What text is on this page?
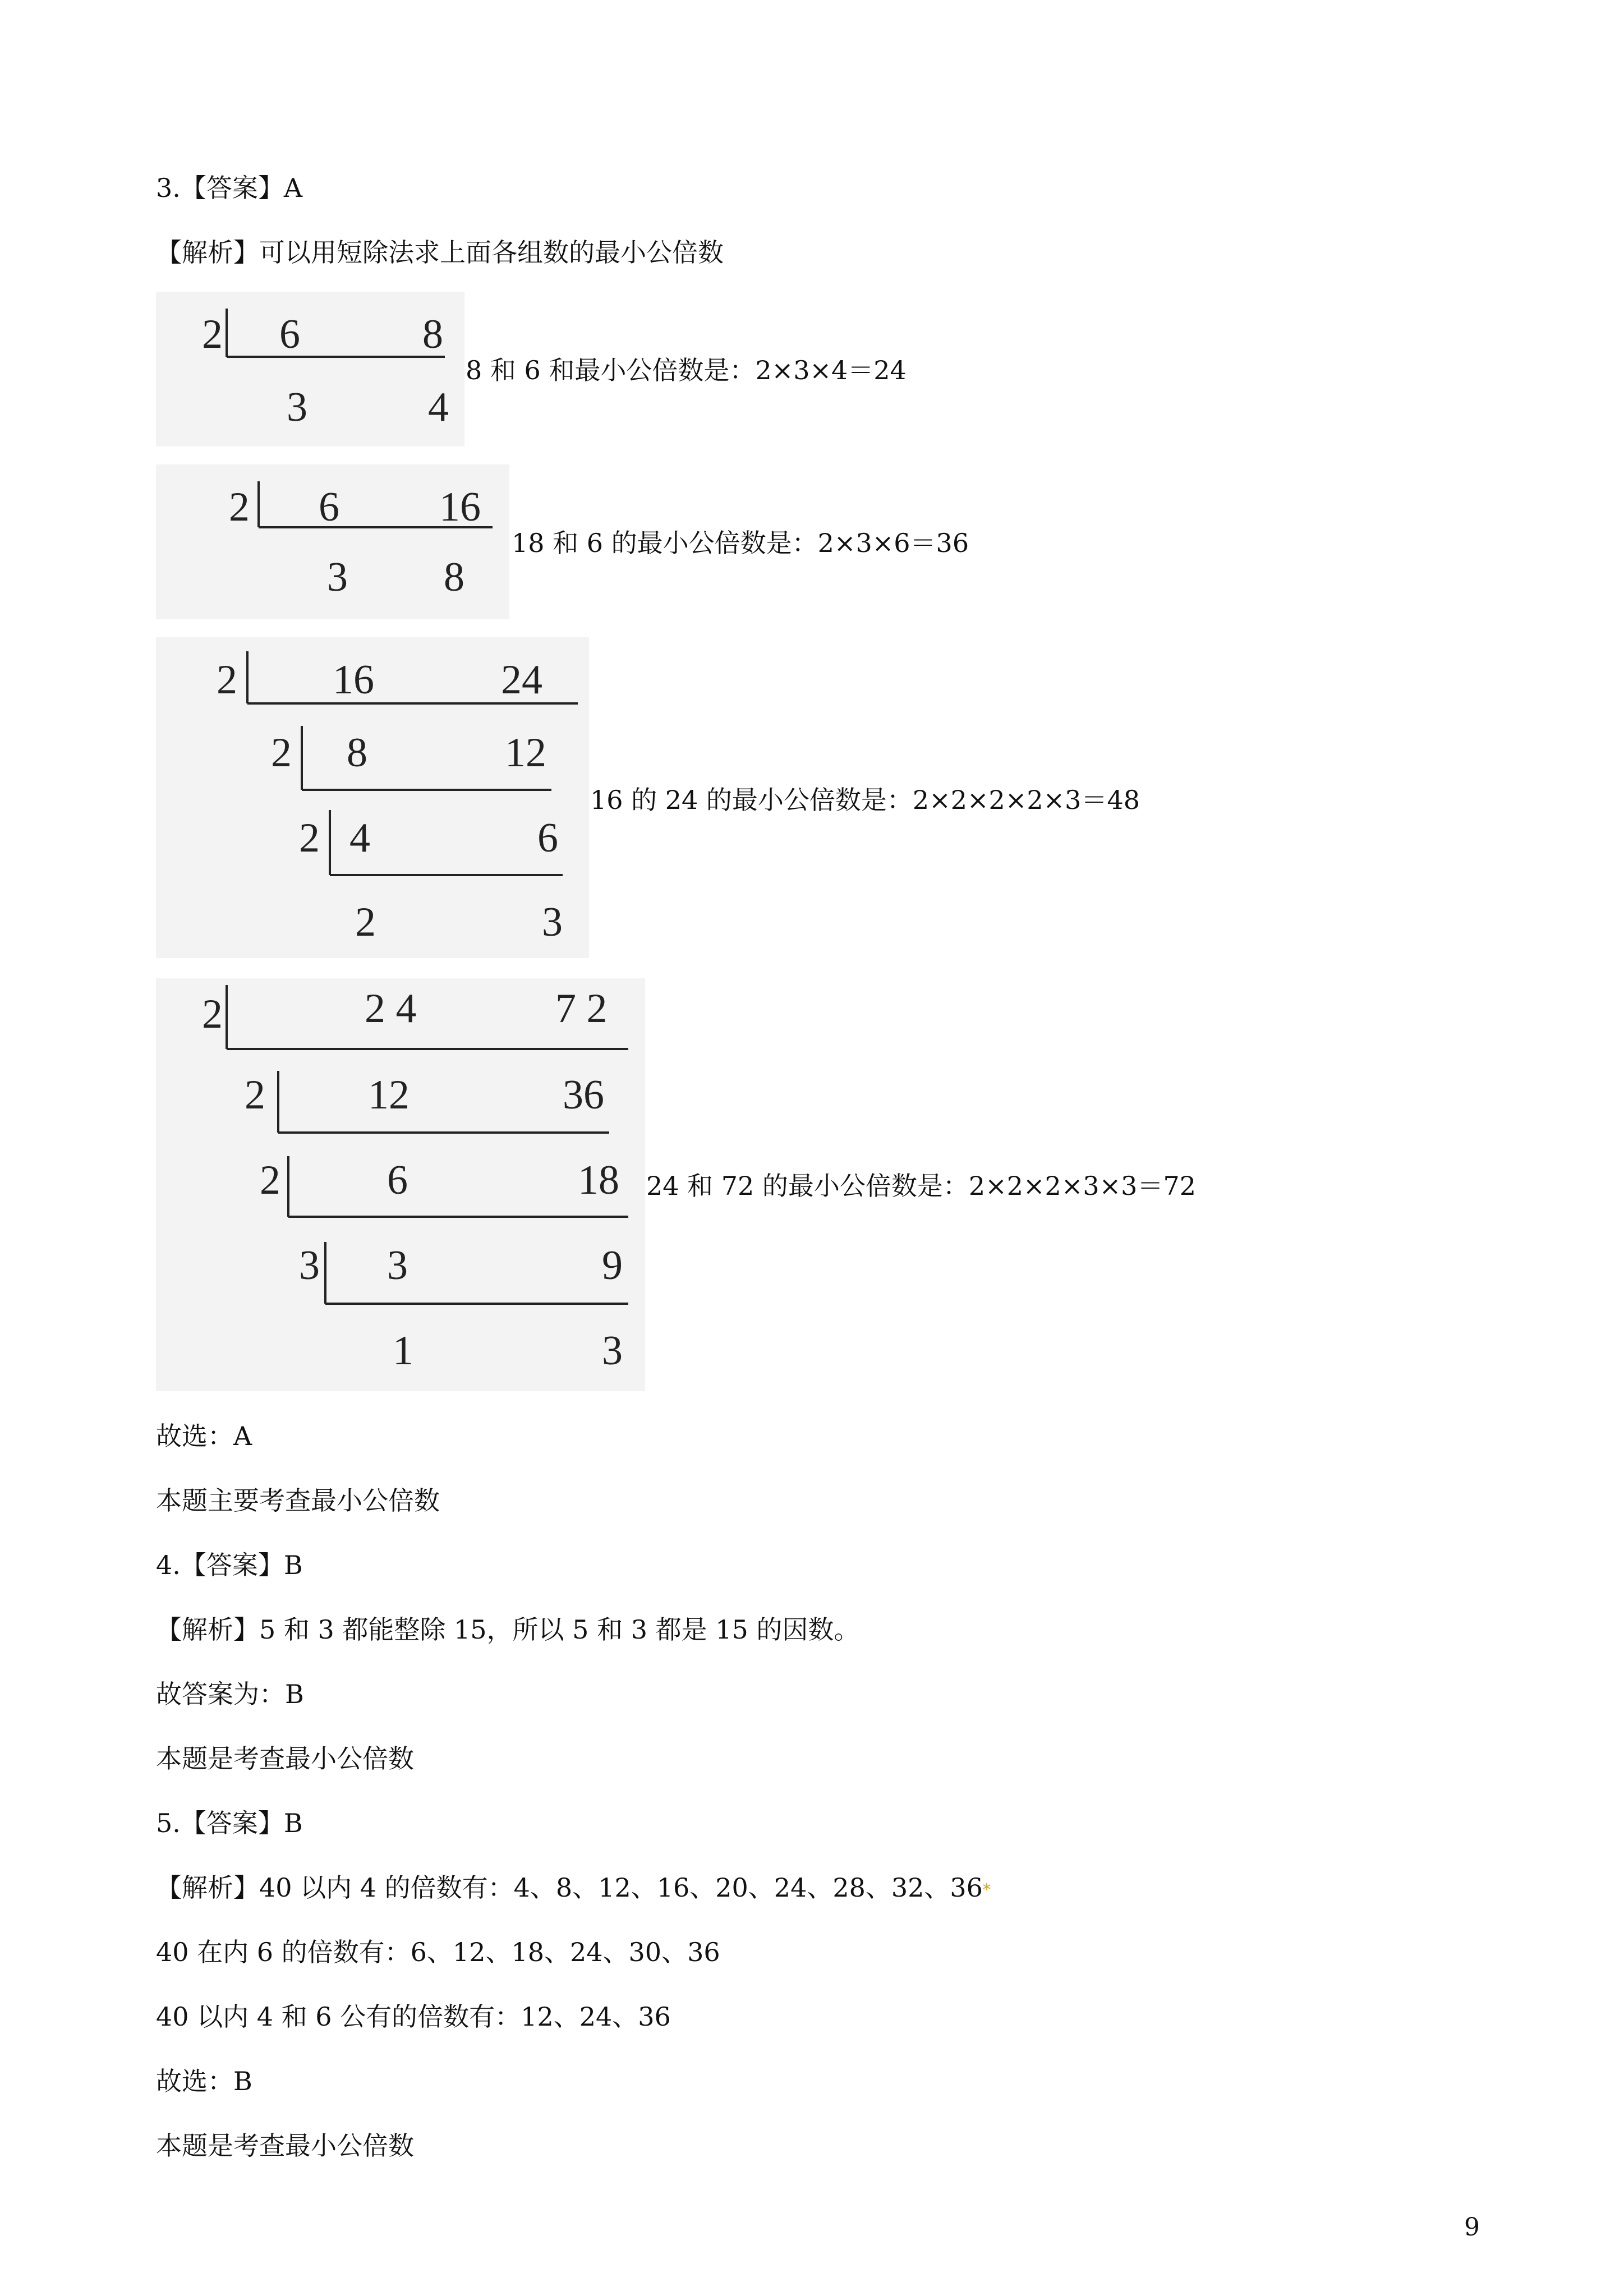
3.【答案】A
【解析】可以用短除法求上面各组数的最小公倍数
2 6	8
3	4
8 和 6 和最小公倍数是：2×3×4＝24
2 6 16
3 8
18 和 6 的最小公倍数是：2×3×6＝36
2 16	24
2 8	12
2 4	6
2	3
16 的 24 的最小公倍数是：2×2×2×2×3＝48
2	2 4	7 2
2 12	36
2	6	18
3 3	9
1	3
24 和 72 的最小公倍数是：2×2×2×3×3＝72
故选：A
本题主要考查最小公倍数
4.【答案】B
【解析】5 和 3 都能整除 15，所以 5 和 3 都是 15 的因数。
故答案为：B
本题是考查最小公倍数
5.【答案】B
【解析】40 以内 4 的倍数有：4、8、12、16、20、24、28、32、36*
40 在内 6 的倍数有：6、12、18、24、30、36
40 以内 4 和 6 公有的倍数有：12、24、36
故选：B
本题是考查最小公倍数
9
